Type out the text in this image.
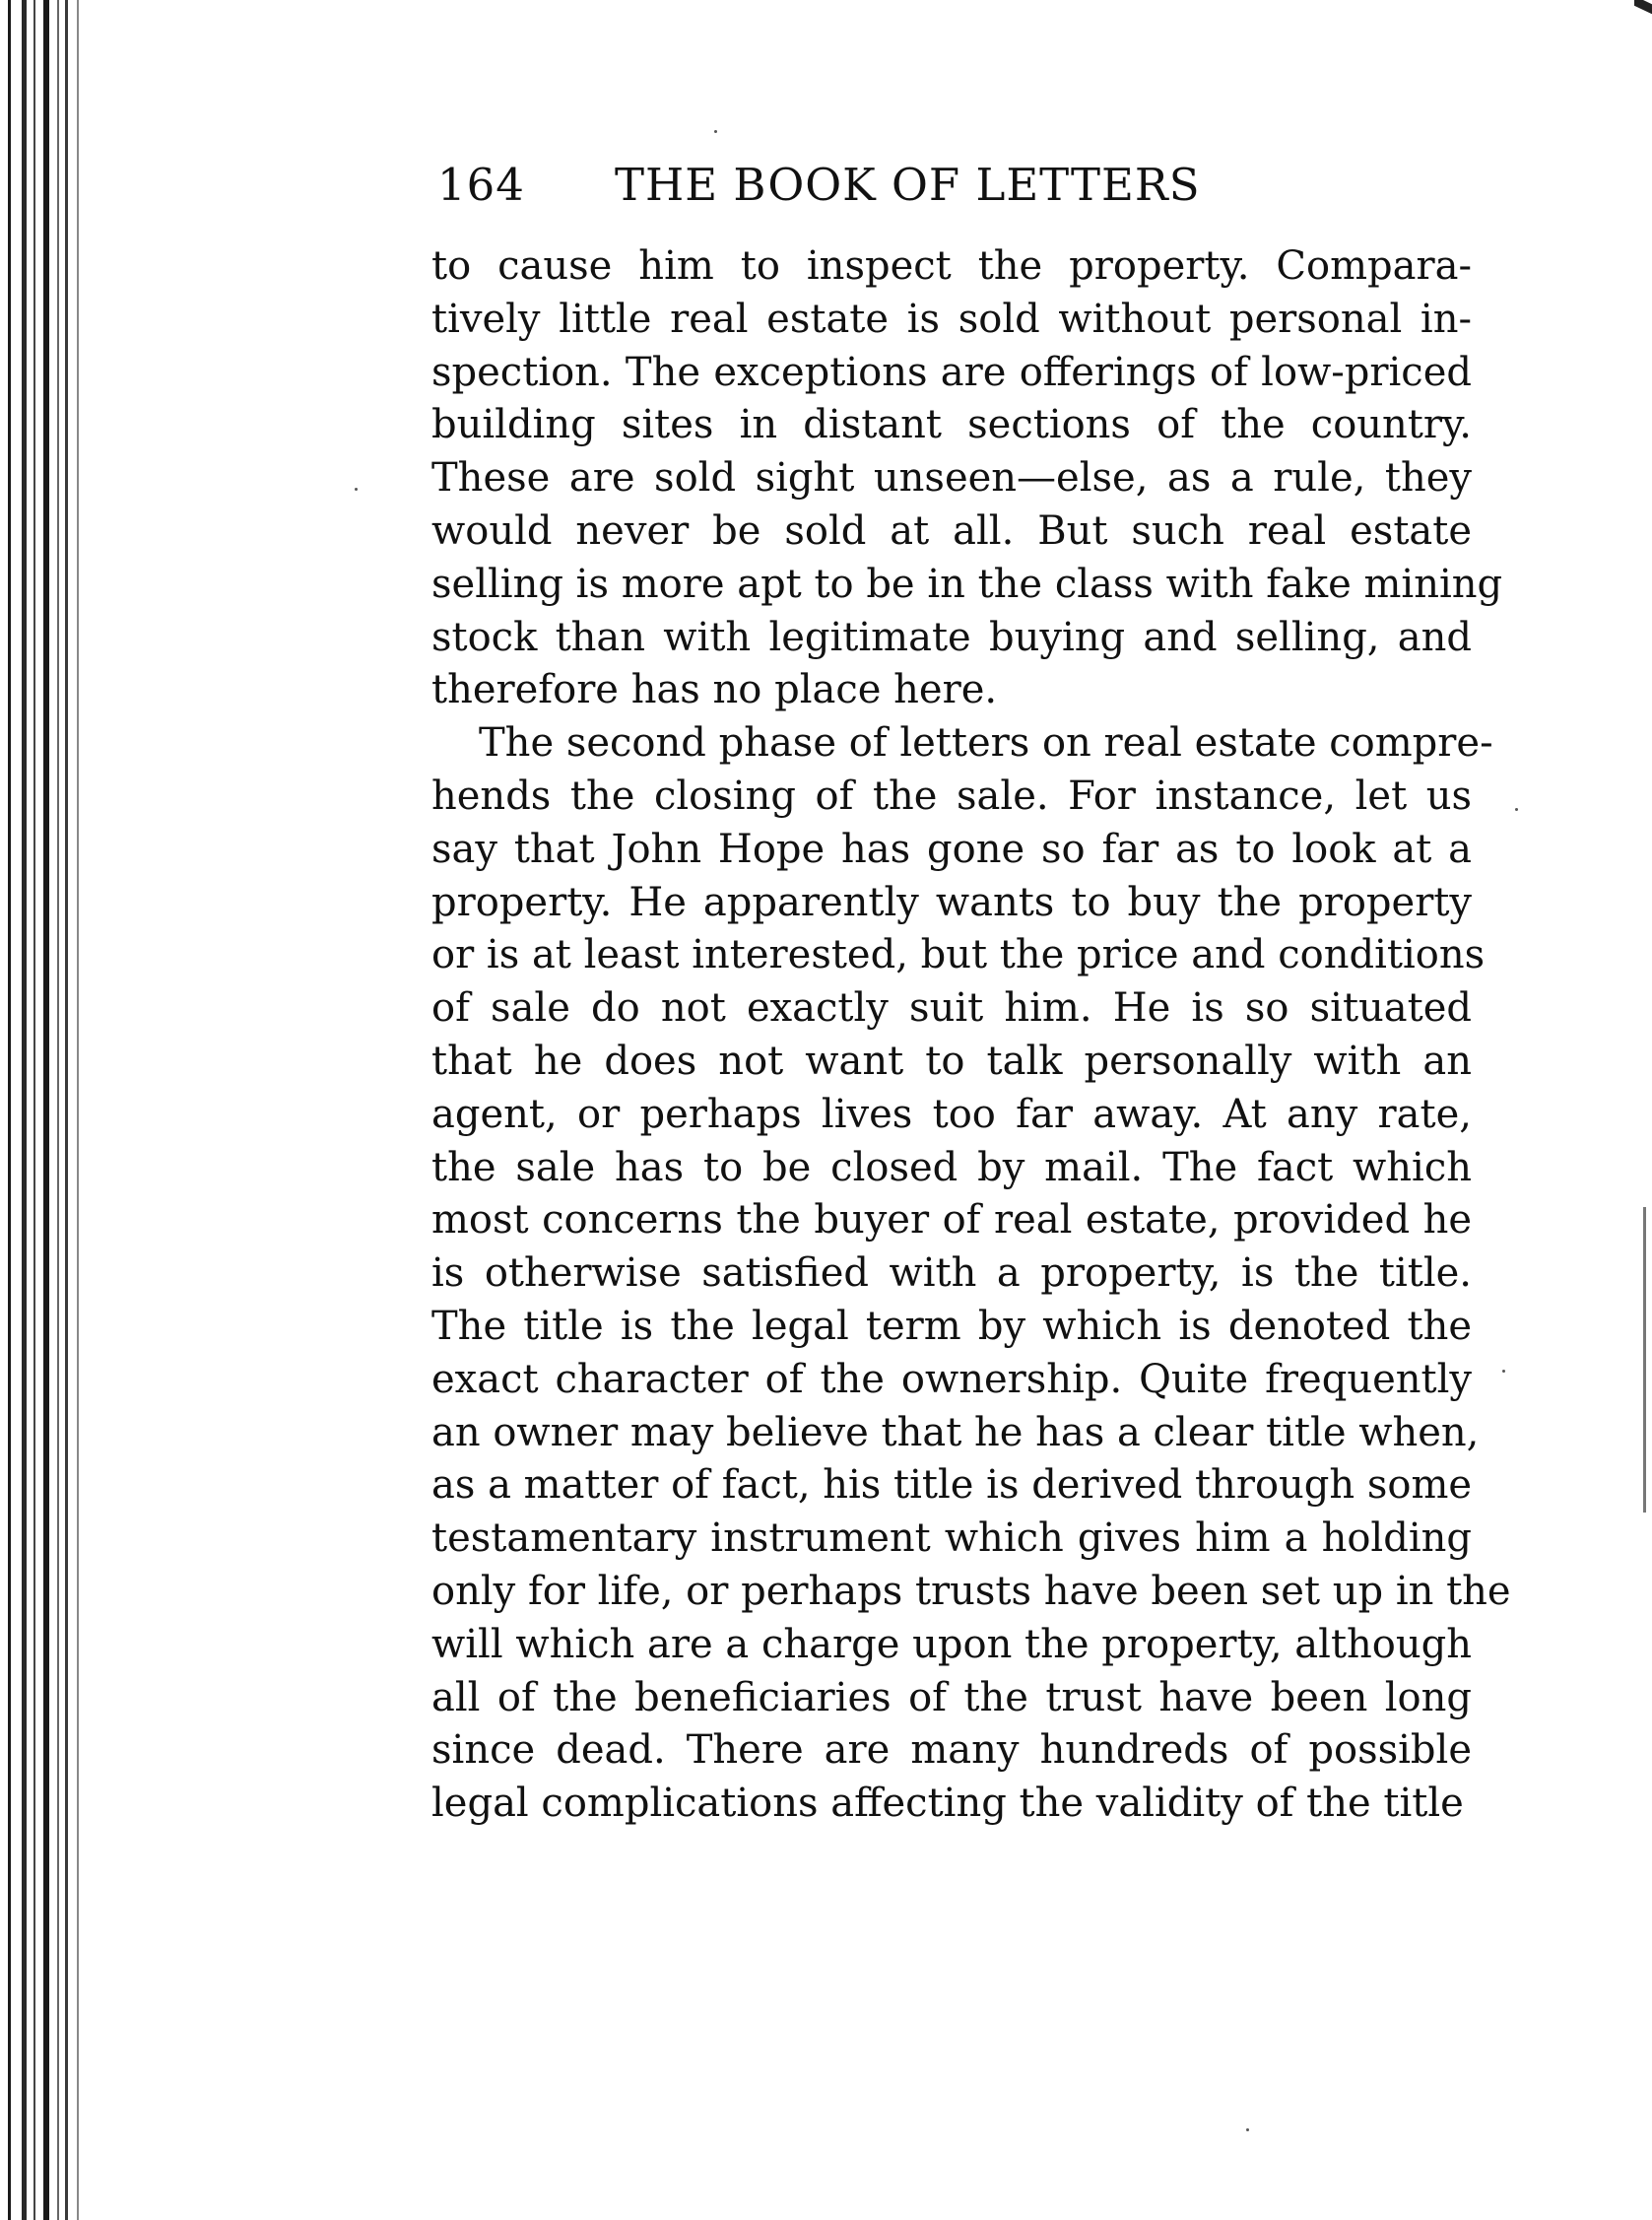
164 THE BOOK OF LETTERS
to cause him to inspect the property. Compara-
tively little real estate is sold without personal in-
spection. The exceptions are offerings of low-priced
building sites in distant sections of the country.
These are sold sight unseen—else, as a rule, they
would never be sold at all. But such real estate
selling is more apt to be in the class with fake mining
stock than with legitimate buying and selling, and
therefore has no place here.
The second phase of letters on real estate compre-
hends the closing of the sale. For instance, let us
say that John Hope has gone so far as to look at a
property. He apparently wants to buy the property
or is at least interested, but the price and conditions
of sale do not exactly suit him. He is so situated
that he does not want to talk personally with an
agent, or perhaps lives too far away. At any rate,
the sale has to be closed by mail. The fact which
most concerns the buyer of real estate, provided he
is otherwise satisfied with a property, is the title.
The title is the legal term by which is denoted the
exact character of the ownership. Quite frequently
an owner may believe that he has a clear title when,
as a matter of fact, his title is derived through some
testamentary instrument which gives him a holding
only for life, or perhaps trusts have been set up in the
will which are a charge upon the property, although
all of the beneficiaries of the trust have been long
since dead. There are many hundreds of possible
legal complications affecting the validity of the title
